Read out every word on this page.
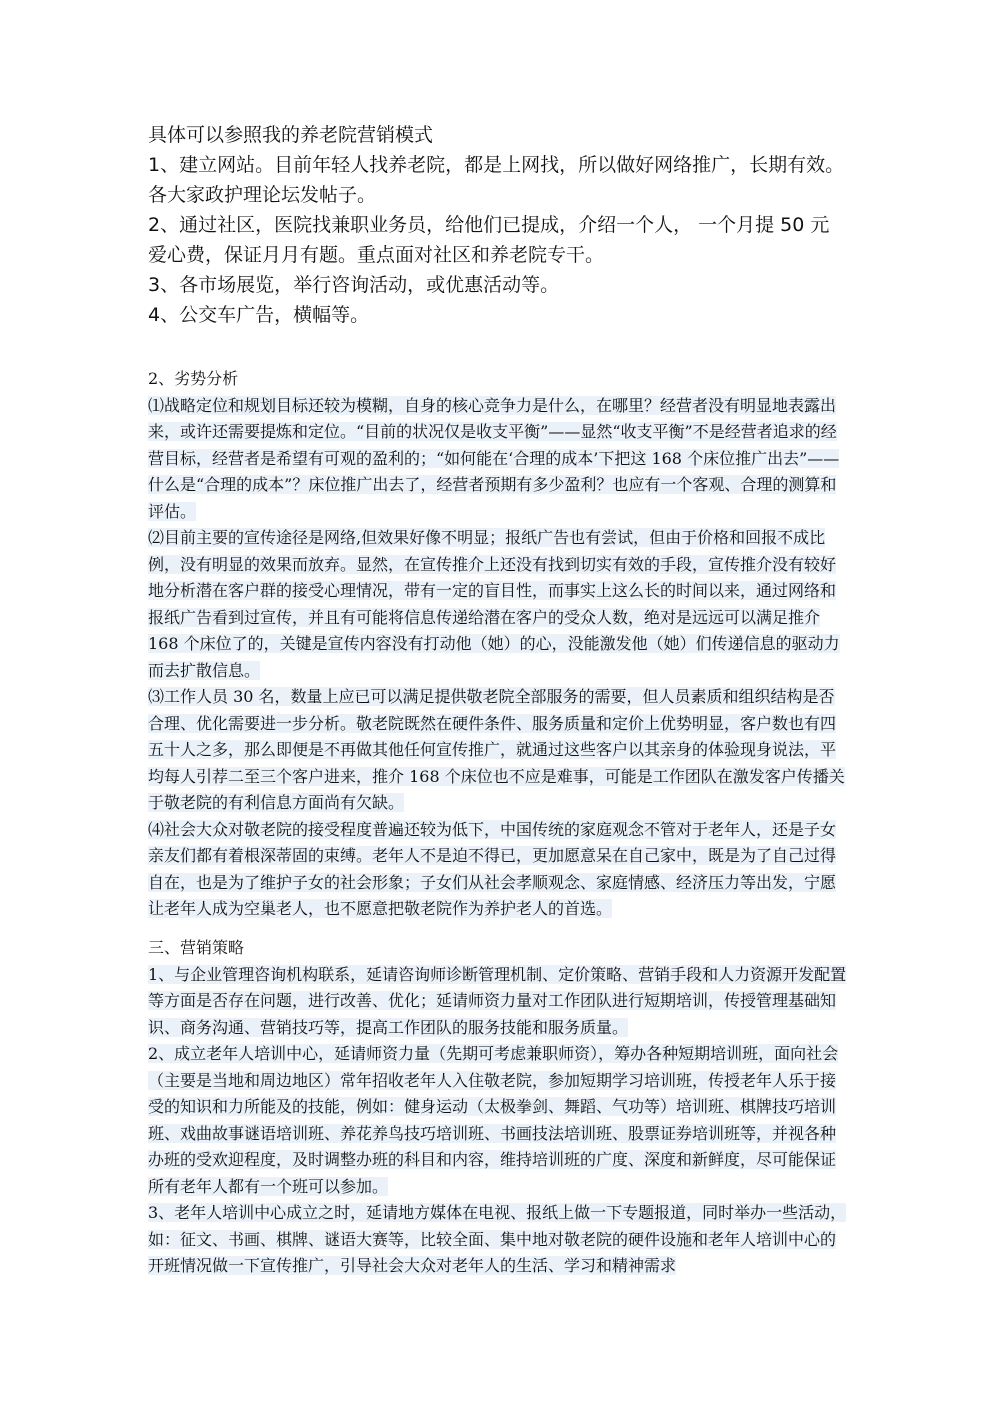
具体可以参照我的养老院营销模式

1、建立网站。目前年轻人找养老院，都是上网找，所以做好网络推广，长期有效。各大家政护理论坛发帖子。

2、通过社区，医院找兼职业务员，给他们已提成，介绍一个人， 一个月提 50 元爱心费，保证月月有题。重点面对社区和养老院专干。

3、各市场展览，举行咨询活动，或优惠活动等。

4、公交车广告，横幅等。

2、劣势分析

⑴战略定位和规划目标还较为模糊，自身的核心竞争力是什么，在哪里？经营者没有明显地表露出来，或许还需要提炼和定位。“目前的状况仅是收支平衡”——显然“收支平衡”不是经营者追求的经营目标，经营者是希望有可观的盈利的；“如何能在‘合理的成本’下把这 168 个床位推广出去”——什么是“合理的成本”？床位推广出去了，经营者预期有多少盈利？也应有一个客观、合理的测算和评估。

⑵目前主要的宣传途径是网络,但效果好像不明显；报纸广告也有尝试，但由于价格和回报不成比例，没有明显的效果而放弃。显然，在宣传推介上还没有找到切实有效的手段，宣传推介没有较好地分析潜在客户群的接受心理情况，带有一定的盲目性，而事实上这么长的时间以来，通过网络和报纸广告看到过宣传，并且有可能将信息传递给潜在客户的受众人数，绝对是远远可以满足推介 168 个床位了的，关键是宣传内容没有打动他（她）的心，没能激发他（她）们传递信息的驱动力而去扩散信息。

⑶工作人员 30 名，数量上应已可以满足提供敬老院全部服务的需要，但人员素质和组织结构是否合理、优化需要进一步分析。敬老院既然在硬件条件、服务质量和定价上优势明显，客户数也有四五十人之多，那么即便是不再做其他任何宣传推广，就通过这些客户以其亲身的体验现身说法，平均每人引荐二至三个客户进来，推介 168 个床位也不应是难事，可能是工作团队在激发客户传播关于敬老院的有利信息方面尚有欠缺。

⑷社会大众对敬老院的接受程度普遍还较为低下，中国传统的家庭观念不管对于老年人，还是子女亲友们都有着根深蒂固的束缚。老年人不是迫不得已，更加愿意呆在自己家中，既是为了自己过得自在，也是为了维护子女的社会形象；子女们从社会孝顺观念、家庭情感、经济压力等出发，宁愿让老年人成为空巢老人，也不愿意把敬老院作为养护老人的首选。

三、营销策略

1、与企业管理咨询机构联系，延请咨询师诊断管理机制、定价策略、营销手段和人力资源开发配置等方面是否存在问题，进行改善、优化；延请师资力量对工作团队进行短期培训，传授管理基础知识、商务沟通、营销技巧等，提高工作团队的服务技能和服务质量。

2、成立老年人培训中心，延请师资力量（先期可考虑兼职师资），筹办各种短期培训班，面向社会（主要是当地和周边地区）常年招收老年人入住敬老院，参加短期学习培训班，传授老年人乐于接受的知识和力所能及的技能，例如：健身运动（太极拳剑、舞蹈、气功等）培训班、棋牌技巧培训班、戏曲故事谜语培训班、养花养鸟技巧培训班、书画技法培训班、股票证券培训班等，并视各种办班的受欢迎程度，及时调整办班的科目和内容，维持培训班的广度、深度和新鲜度，尽可能保证所有老年人都有一个班可以参加。

3、老年人培训中心成立之时，延请地方媒体在电视、报纸上做一下专题报道，同时举办一些活动，如：征文、书画、棋牌、谜语大赛等，比较全面、集中地对敬老院的硬件设施和老年人培训中心的开班情况做一下宣传推广，引导社会大众对老年人的生活、学习和精神需求
